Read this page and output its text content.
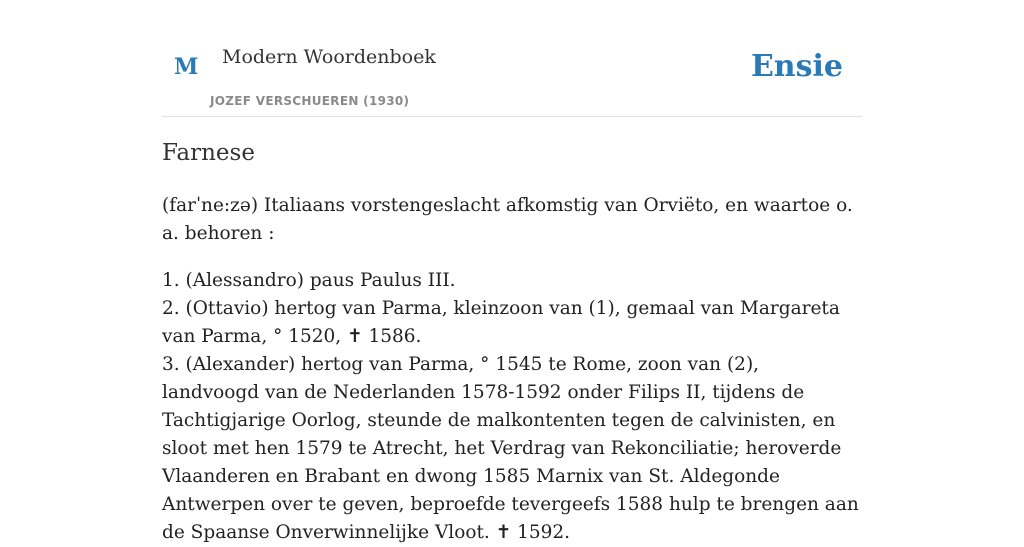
M Modern Woordenboek
JOZEF VERSCHUEREN (1930)
Ensie
Farnese

(farˈne:zə) Italiaans vorstengeslacht afkomstig van Orviëto, en waartoe o. a. behoren :

1. (Alessandro) paus Paulus III.

2. (Ottavio) hertog van Parma, kleinzoon van (1), gemaal van Margareta van Parma, ° 1520, ✝ 1586.

3. (Alexander) hertog van Parma, ° 1545 te Rome, zoon van (2), landvoogd van de Nederlanden 1578-1592 onder Filips II, tijdens de Tachtigjarige Oorlog, steunde de malkontenten tegen de calvinisten, en sloot met hen 1579 te Atrecht, het Verdrag van Rekonciliatie; heroverde Vlaanderen en Brabant en dwong 1585 Marnix van St. Aldegonde Antwerpen over te geven, beproefde tevergeefs 1588 hulp te brengen aan de Spaanse Onverwinnelijke Vloot. ✝ 1592.
